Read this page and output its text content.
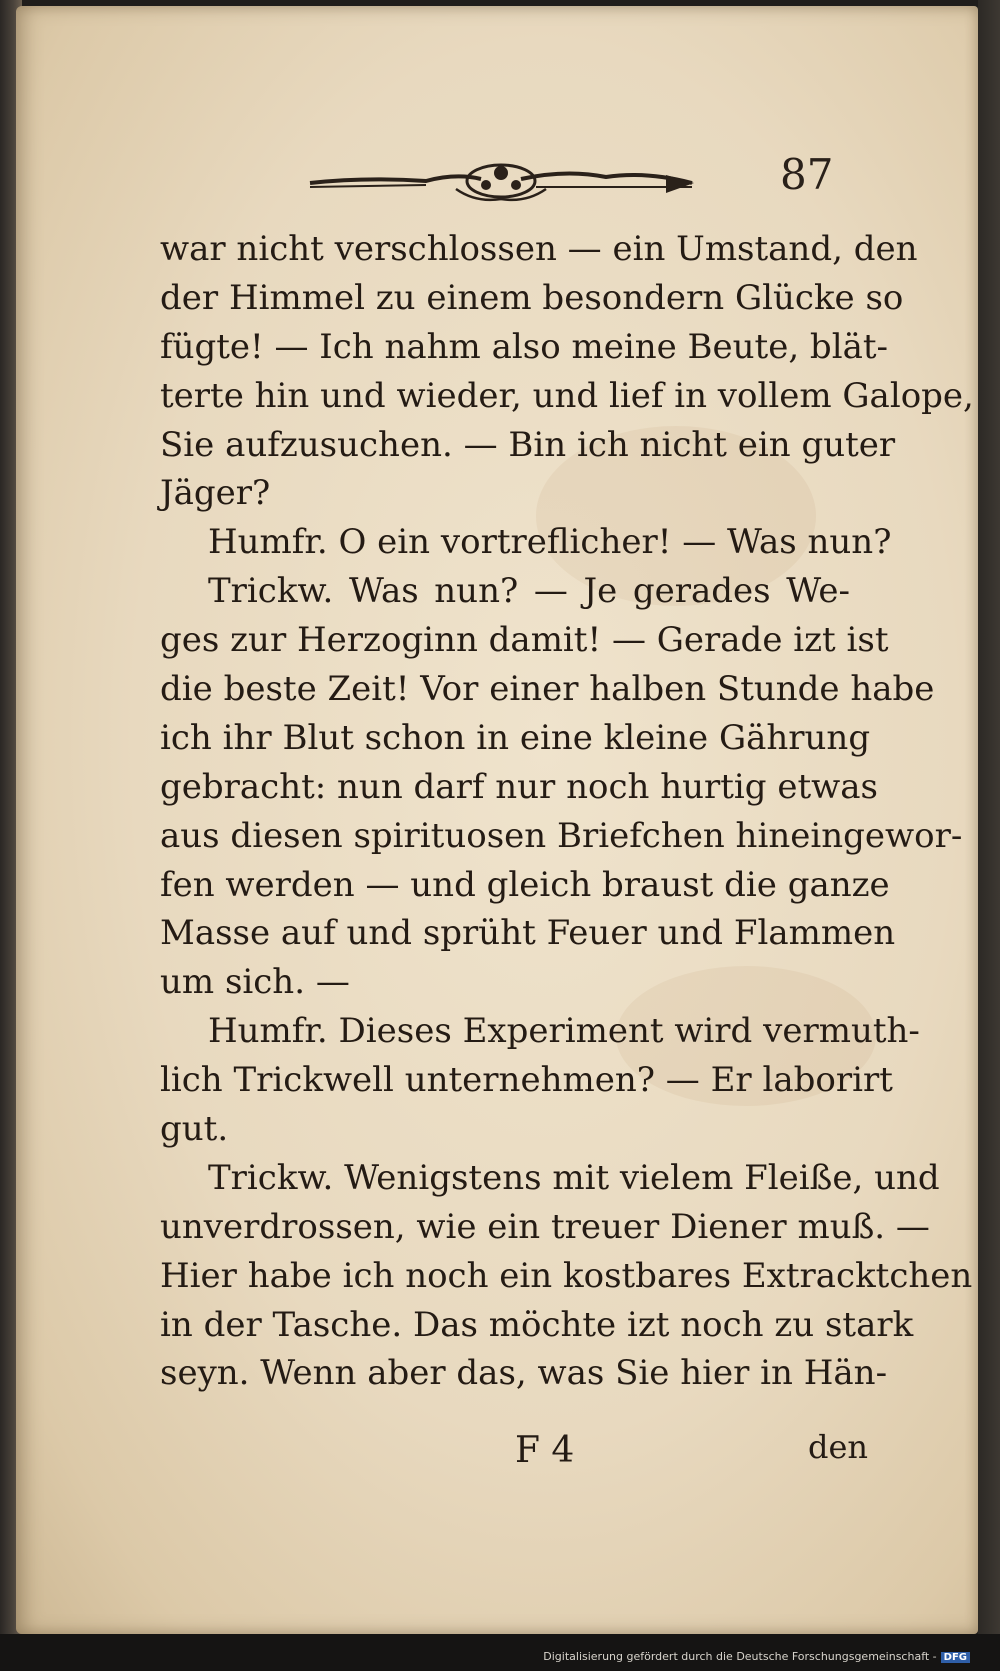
87
war nicht verschlossen — ein Umstand, den
der Himmel zu einem besondern Glücke so
fügte! — Ich nahm also meine Beute, blät-
terte hin und wieder, und lief in vollem Galope,
Sie aufzusuchen. — Bin ich nicht ein guter
Jäger?
Humfr. O ein vortreflicher! — Was nun?
Trickw. Was nun? — Je gerades We-
ges zur Herzoginn damit! — Gerade izt ist
die beste Zeit! Vor einer halben Stunde habe
ich ihr Blut schon in eine kleine Gährung
gebracht: nun darf nur noch hurtig etwas
aus diesen spirituosen Briefchen hineingewor-
fen werden — und gleich braust die ganze
Masse auf und sprüht Feuer und Flammen
um sich. —
Humfr. Dieses Experiment wird vermuth-
lich Trickwell unternehmen? — Er laborirt
gut.
Trickw. Wenigstens mit vielem Fleiße, und
unverdrossen, wie ein treuer Diener muß. —
Hier habe ich noch ein kostbares Extracktchen
in der Tasche. Das möchte izt noch zu stark
seyn. Wenn aber das, was Sie hier in Hän-
F 4	den
Digitalisierung gefördert durch die Deutsche Forschungsgemeinschaft - DFG
